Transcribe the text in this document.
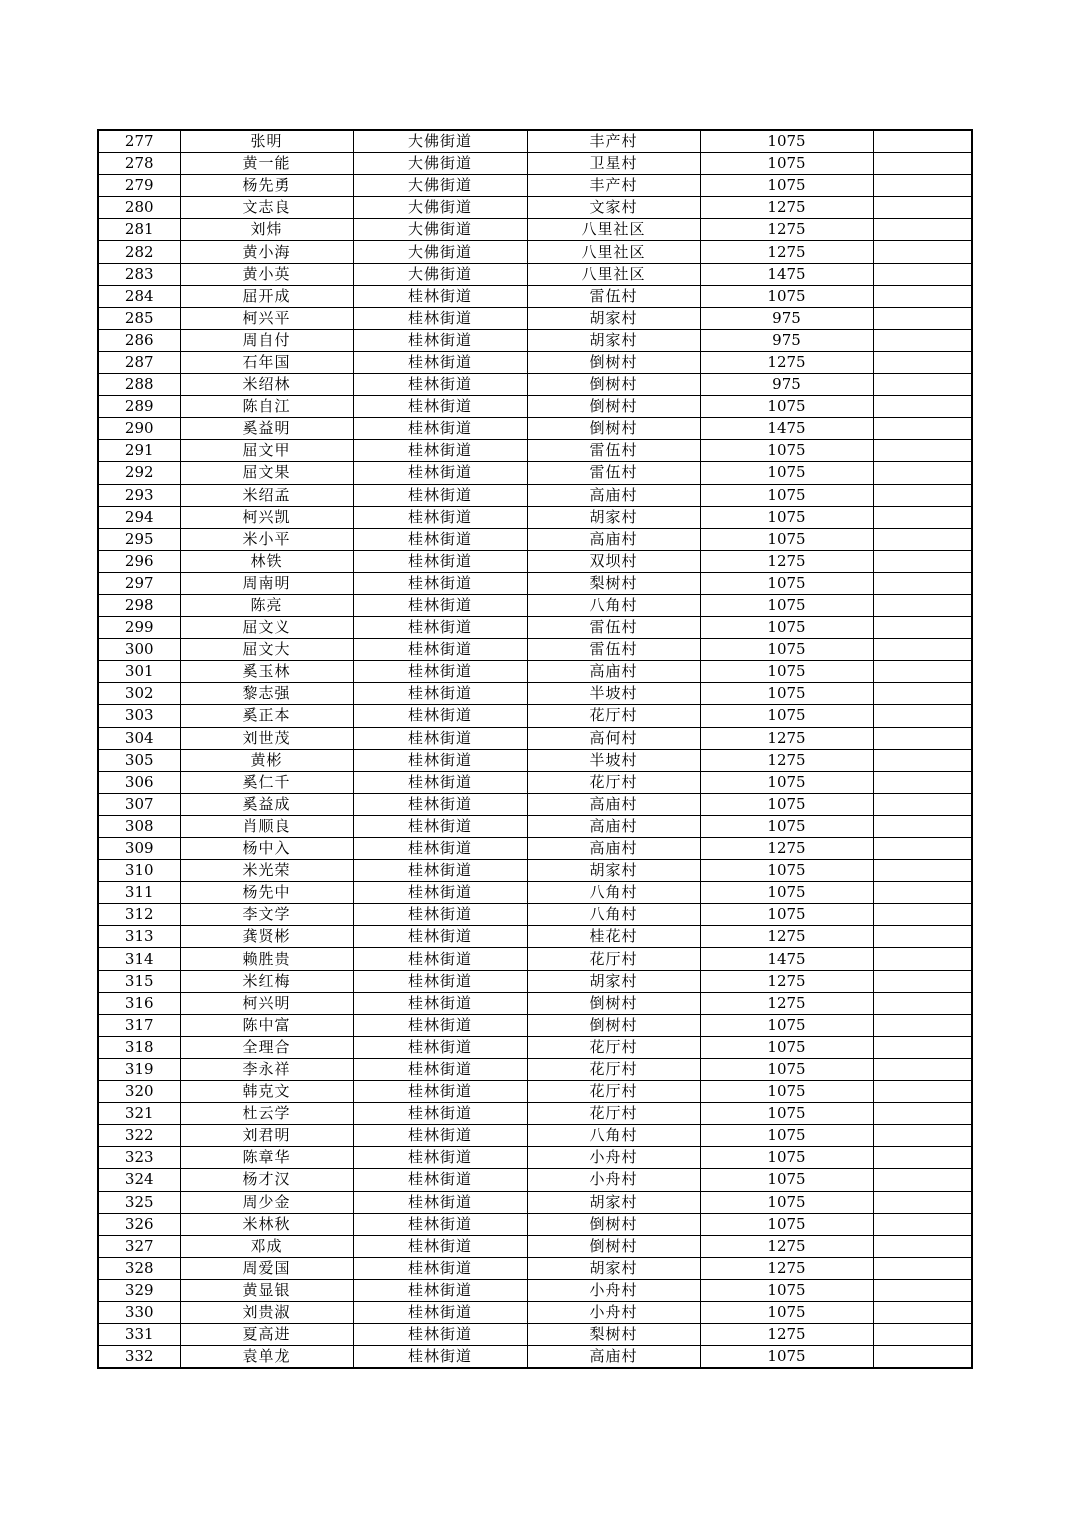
277	张明	大佛街道	丰产村	1075	
278	黄一能	大佛街道	卫星村	1075	
279	杨先勇	大佛街道	丰产村	1075	
280	文志良	大佛街道	文家村	1275	
281	刘炜	大佛街道	八里社区	1275	
282	黄小海	大佛街道	八里社区	1275	
283	黄小英	大佛街道	八里社区	1475	
284	屈开成	桂林街道	雷伍村	1075	
285	柯兴平	桂林街道	胡家村	975	
286	周自付	桂林街道	胡家村	975	
287	石年国	桂林街道	倒树村	1275	
288	米绍林	桂林街道	倒树村	975	
289	陈自江	桂林街道	倒树村	1075	
290	奚益明	桂林街道	倒树村	1475	
291	屈文甲	桂林街道	雷伍村	1075	
292	屈文果	桂林街道	雷伍村	1075	
293	米绍孟	桂林街道	高庙村	1075	
294	柯兴凯	桂林街道	胡家村	1075	
295	米小平	桂林街道	高庙村	1075	
296	林铁	桂林街道	双坝村	1275	
297	周南明	桂林街道	梨树村	1075	
298	陈亮	桂林街道	八角村	1075	
299	屈文义	桂林街道	雷伍村	1075	
300	屈文大	桂林街道	雷伍村	1075	
301	奚玉林	桂林街道	高庙村	1075	
302	黎志强	桂林街道	半坡村	1075	
303	奚正本	桂林街道	花厅村	1075	
304	刘世茂	桂林街道	高何村	1275	
305	黄彬	桂林街道	半坡村	1275	
306	奚仁千	桂林街道	花厅村	1075	
307	奚益成	桂林街道	高庙村	1075	
308	肖顺良	桂林街道	高庙村	1075	
309	杨中入	桂林街道	高庙村	1275	
310	米光荣	桂林街道	胡家村	1075	
311	杨先中	桂林街道	八角村	1075	
312	李文学	桂林街道	八角村	1075	
313	龚贤彬	桂林街道	桂花村	1275	
314	赖胜贵	桂林街道	花厅村	1475	
315	米红梅	桂林街道	胡家村	1275	
316	柯兴明	桂林街道	倒树村	1275	
317	陈中富	桂林街道	倒树村	1075	
318	全理合	桂林街道	花厅村	1075	
319	李永祥	桂林街道	花厅村	1075	
320	韩克文	桂林街道	花厅村	1075	
321	杜云学	桂林街道	花厅村	1075	
322	刘君明	桂林街道	八角村	1075	
323	陈章华	桂林街道	小舟村	1075	
324	杨才汉	桂林街道	小舟村	1075	
325	周少金	桂林街道	胡家村	1075	
326	米林秋	桂林街道	倒树村	1075	
327	邓成	桂林街道	倒树村	1275	
328	周爱国	桂林街道	胡家村	1275	
329	黄显银	桂林街道	小舟村	1075	
330	刘贵淑	桂林街道	小舟村	1075	
331	夏高进	桂林街道	梨树村	1275	
332	袁单龙	桂林街道	高庙村	1075	
